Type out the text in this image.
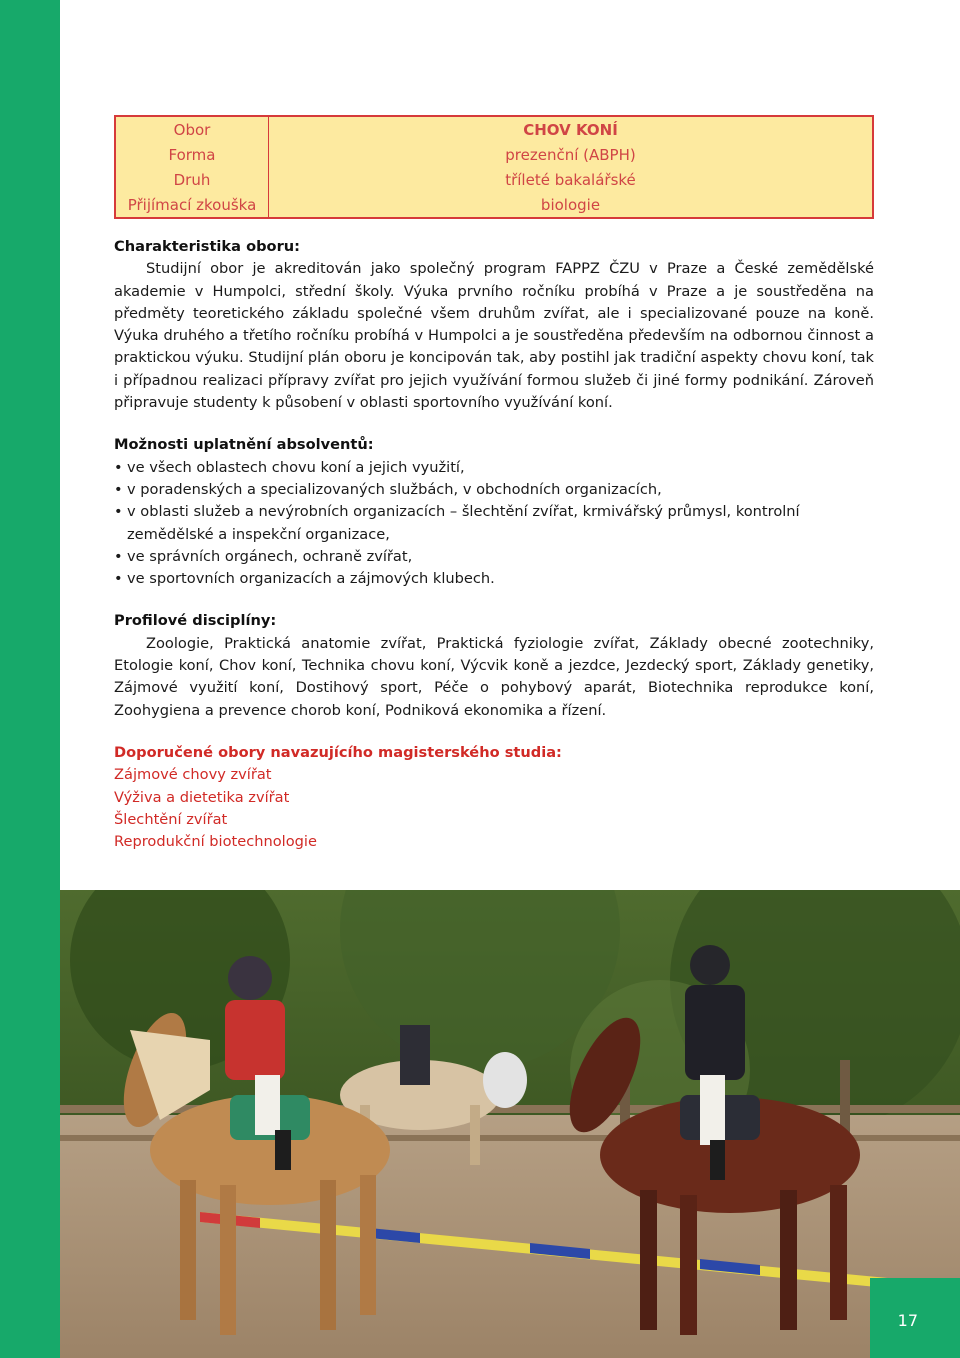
Obor	CHOV KONÍ
Forma	prezenční (ABPH)
Druh	tříleté bakalářské
Přijímací zkouška	biologie
Charakteristika oboru:

Studijní obor je akreditován jako společný program FAPPZ ČZU v Praze a České zemědělské akademie v Humpolci, střední školy. Výuka prvního ročníku probíhá v Praze a je soustředěna na předměty teoretického základu společné všem druhům zvířat, ale i specializované pouze na koně. Výuka druhého a třetího ročníku probíhá v Humpolci a je soustředěna především na odbornou činnost a praktickou výuku. Studijní plán oboru je koncipován tak, aby postihl jak tradiční aspekty chovu koní, tak i případnou realizaci přípravy zvířat pro jejich využívání formou služeb či jiné formy podnikání. Zároveň připravuje studenty k působení v oblasti sportovního využívání koní.

Možnosti uplatnění absolventů:
• ve všech oblastech chovu koní a jejich využití,
• v poradenských a specializovaných službách, v obchodních organizacích,
• v oblasti služeb a nevýrobních organizacích – šlechtění zvířat, krmivářský průmysl, kontrolní zemědělské a inspekční organizace,
• ve správních orgánech, ochraně zvířat,
• ve sportovních organizacích a zájmových klubech.
Profilové disciplíny:

Zoologie, Praktická anatomie zvířat, Praktická fyziologie zvířat, Základy obecné zootechniky, Etologie koní, Chov koní, Technika chovu koní, Výcvik koně a jezdce, Jezdecký sport, Základy genetiky, Zájmové využití koní, Dostihový sport, Péče o pohybový aparát, Biotechnika reprodukce koní, Zoohygiena a prevence chorob koní, Podniková ekonomika a řízení.

Doporučené obory navazujícího magisterského studia:
Zájmové chovy zvířat
Výživa a dietetika zvířat
Šlechtění zvířat
Reprodukční biotechnologie
17
